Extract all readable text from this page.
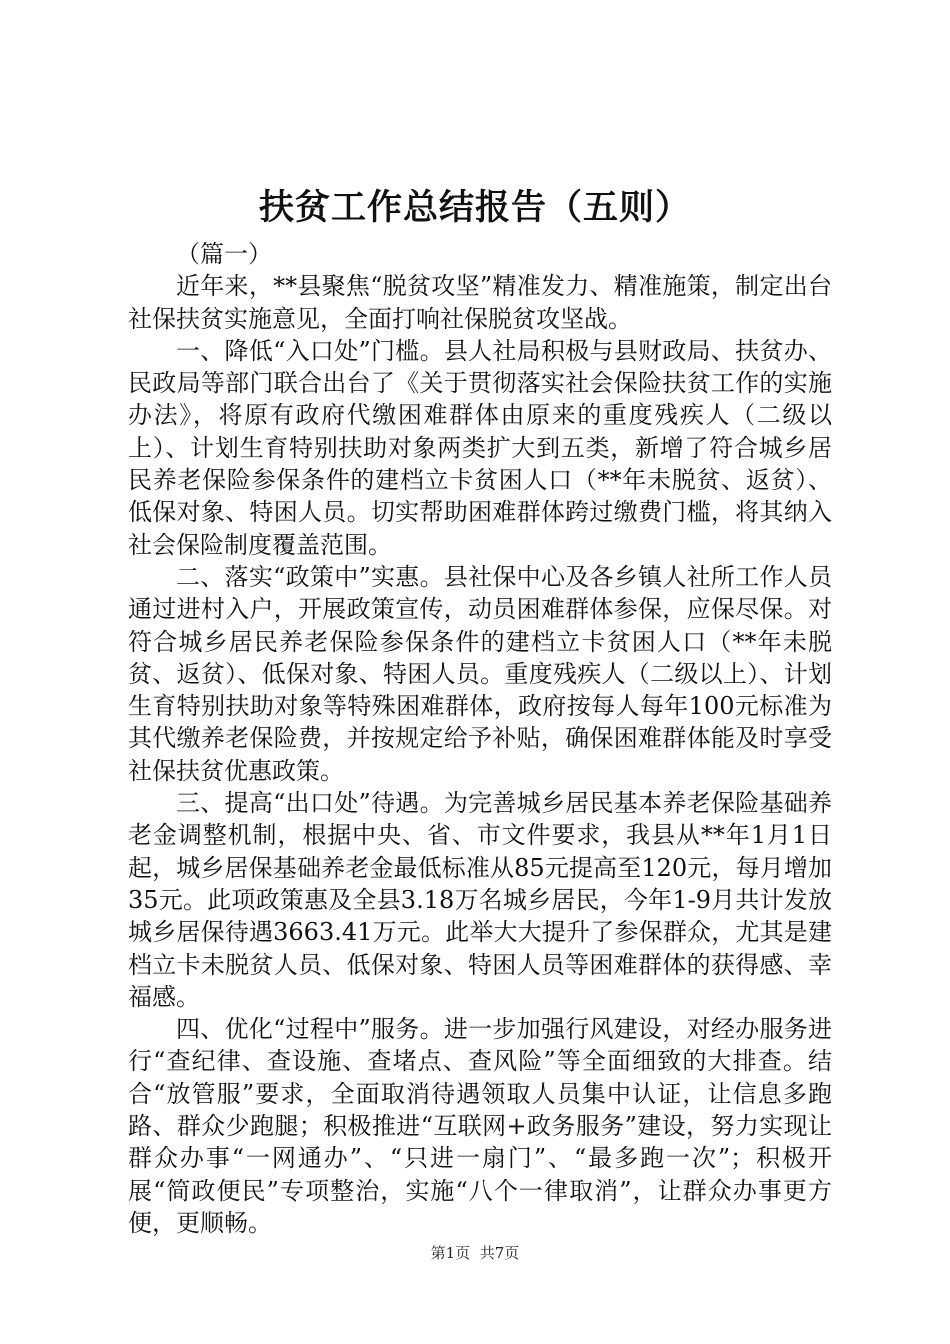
扶贫工作总结报告（五则）

（篇一）

近年来，**县聚焦“脱贫攻坚”精准发力、精准施策，制定出台社保扶贫实施意见，全面打响社保脱贫攻坚战。

一、降低“入口处”门槛。县人社局积极与县财政局、扶贫办、民政局等部门联合出台了《关于贯彻落实社会保险扶贫工作的实施办法》，将原有政府代缴困难群体由原来的重度残疾人（二级以上）、计划生育特别扶助对象两类扩大到五类，新增了符合城乡居民养老保险参保条件的建档立卡贫困人口（**年未脱贫、返贫）、低保对象、特困人员。切实帮助困难群体跨过缴费门槛，将其纳入社会保险制度覆盖范围。

二、落实“政策中”实惠。县社保中心及各乡镇人社所工作人员通过进村入户，开展政策宣传，动员困难群体参保，应保尽保。对符合城乡居民养老保险参保条件的建档立卡贫困人口（**年未脱贫、返贫）、低保对象、特困人员。重度残疾人（二级以上）、计划生育特别扶助对象等特殊困难群体，政府按每人每年100元标准为其代缴养老保险费，并按规定给予补贴，确保困难群体能及时享受社保扶贫优惠政策。

三、提高“出口处”待遇。为完善城乡居民基本养老保险基础养老金调整机制，根据中央、省、市文件要求，我县从**年1月1日起，城乡居保基础养老金最低标准从85元提高至120元，每月增加35元。此项政策惠及全县3.18万名城乡居民，今年1-9月共计发放城乡居保待遇3663.41万元。此举大大提升了参保群众，尤其是建档立卡未脱贫人员、低保对象、特困人员等困难群体的获得感、幸福感。

四、优化“过程中”服务。进一步加强行风建设，对经办服务进行“查纪律、查设施、查堵点、查风险”等全面细致的大排查。结合“放管服”要求，全面取消待遇领取人员集中认证，让信息多跑路、群众少跑腿；积极推进“互联网+政务服务”建设，努力实现让群众办事“一网通办”、“只进一扇门”、“最多跑一次”；积极开展“简政便民”专项整治，实施“八个一律取消”，让群众办事更方便，更顺畅。

第1页 共7页
